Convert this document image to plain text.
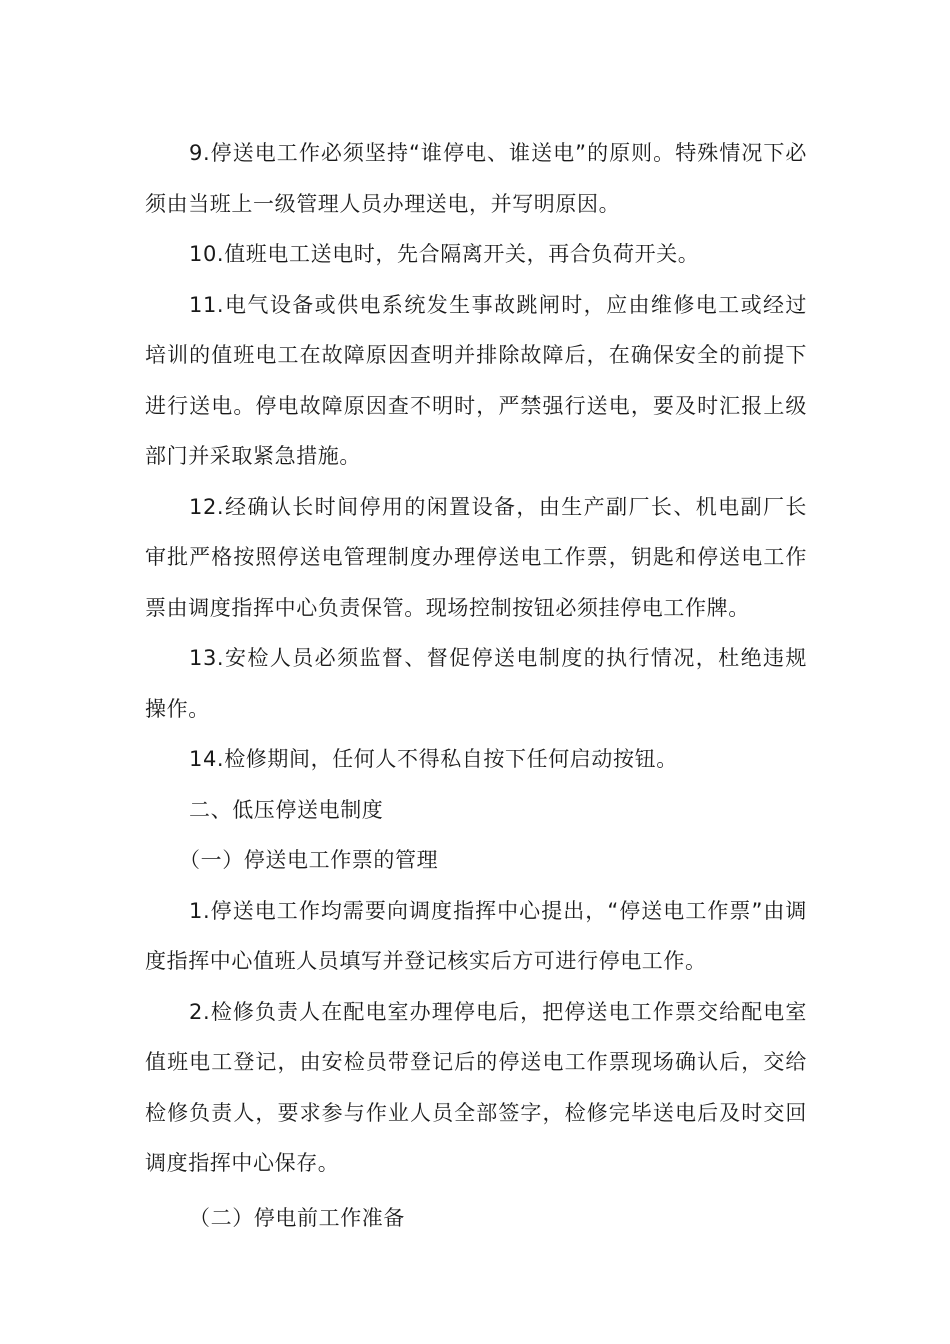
9.停送电工作必须坚持“谁停电、谁送电”的原则。特殊情况下必须由当班上一级管理人员办理送电，并写明原因。

10.值班电工送电时，先合隔离开关，再合负荷开关。

11.电气设备或供电系统发生事故跳闸时，应由维修电工或经过培训的值班电工在故障原因查明并排除故障后，在确保安全的前提下进行送电。停电故障原因查不明时，严禁强行送电，要及时汇报上级部门并采取紧急措施。

12.经确认长时间停用的闲置设备，由生产副厂长、机电副厂长审批严格按照停送电管理制度办理停送电工作票，钥匙和停送电工作票由调度指挥中心负责保管。现场控制按钮必须挂停电工作牌。

13.安检人员必须监督、督促停送电制度的执行情况，杜绝违规操作。

14.检修期间，任何人不得私自按下任何启动按钮。

二、低压停送电制度

（一）停送电工作票的管理

1.停送电工作均需要向调度指挥中心提出，“停送电工作票”由调度指挥中心值班人员填写并登记核实后方可进行停电工作。

2.检修负责人在配电室办理停电后，把停送电工作票交给配电室值班电工登记，由安检员带登记后的停送电工作票现场确认后，交给检修负责人，要求参与作业人员全部签字，检修完毕送电后及时交回调度指挥中心保存。

（二）停电前工作准备
